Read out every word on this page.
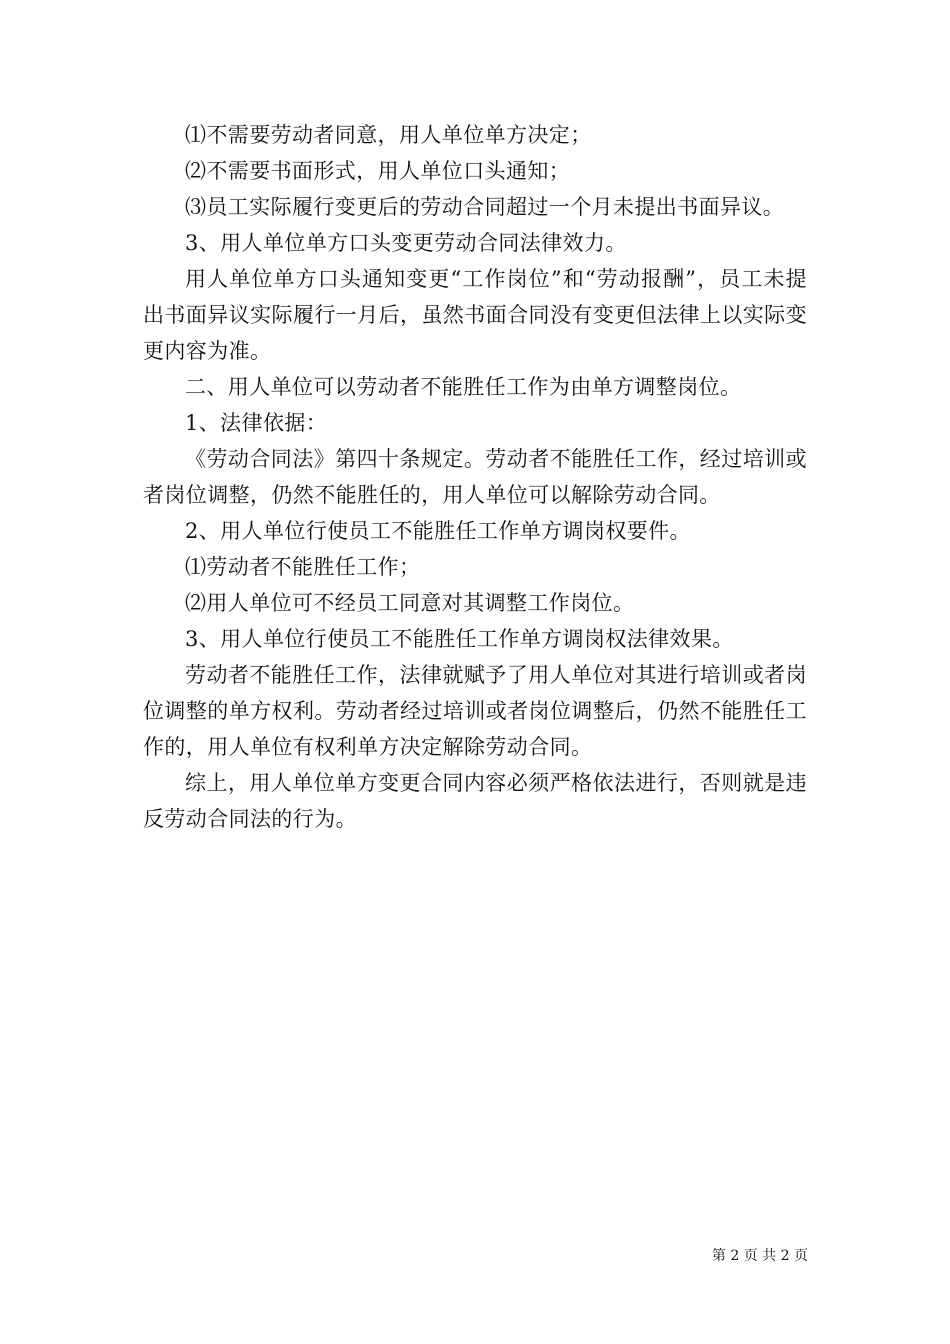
⑴不需要劳动者同意，用人单位单方决定；

⑵不需要书面形式，用人单位口头通知；

⑶员工实际履行变更后的劳动合同超过一个月未提出书面异议。

3、用人单位单方口头变更劳动合同法律效力。

用人单位单方口头通知变更“工作岗位”和“劳动报酬”，员工未提出书面异议实际履行一月后，虽然书面合同没有变更但法律上以实际变更内容为准。

二、用人单位可以劳动者不能胜任工作为由单方调整岗位。

1、法律依据：

《劳动合同法》第四十条规定。劳动者不能胜任工作，经过培训或者岗位调整，仍然不能胜任的，用人单位可以解除劳动合同。

2、用人单位行使员工不能胜任工作单方调岗权要件。

⑴劳动者不能胜任工作；

⑵用人单位可不经员工同意对其调整工作岗位。

3、用人单位行使员工不能胜任工作单方调岗权法律效果。

劳动者不能胜任工作，法律就赋予了用人单位对其进行培训或者岗位调整的单方权利。劳动者经过培训或者岗位调整后，仍然不能胜任工作的，用人单位有权利单方决定解除劳动合同。

综上，用人单位单方变更合同内容必须严格依法进行，否则就是违反劳动合同法的行为。

第 2 页 共 2 页
